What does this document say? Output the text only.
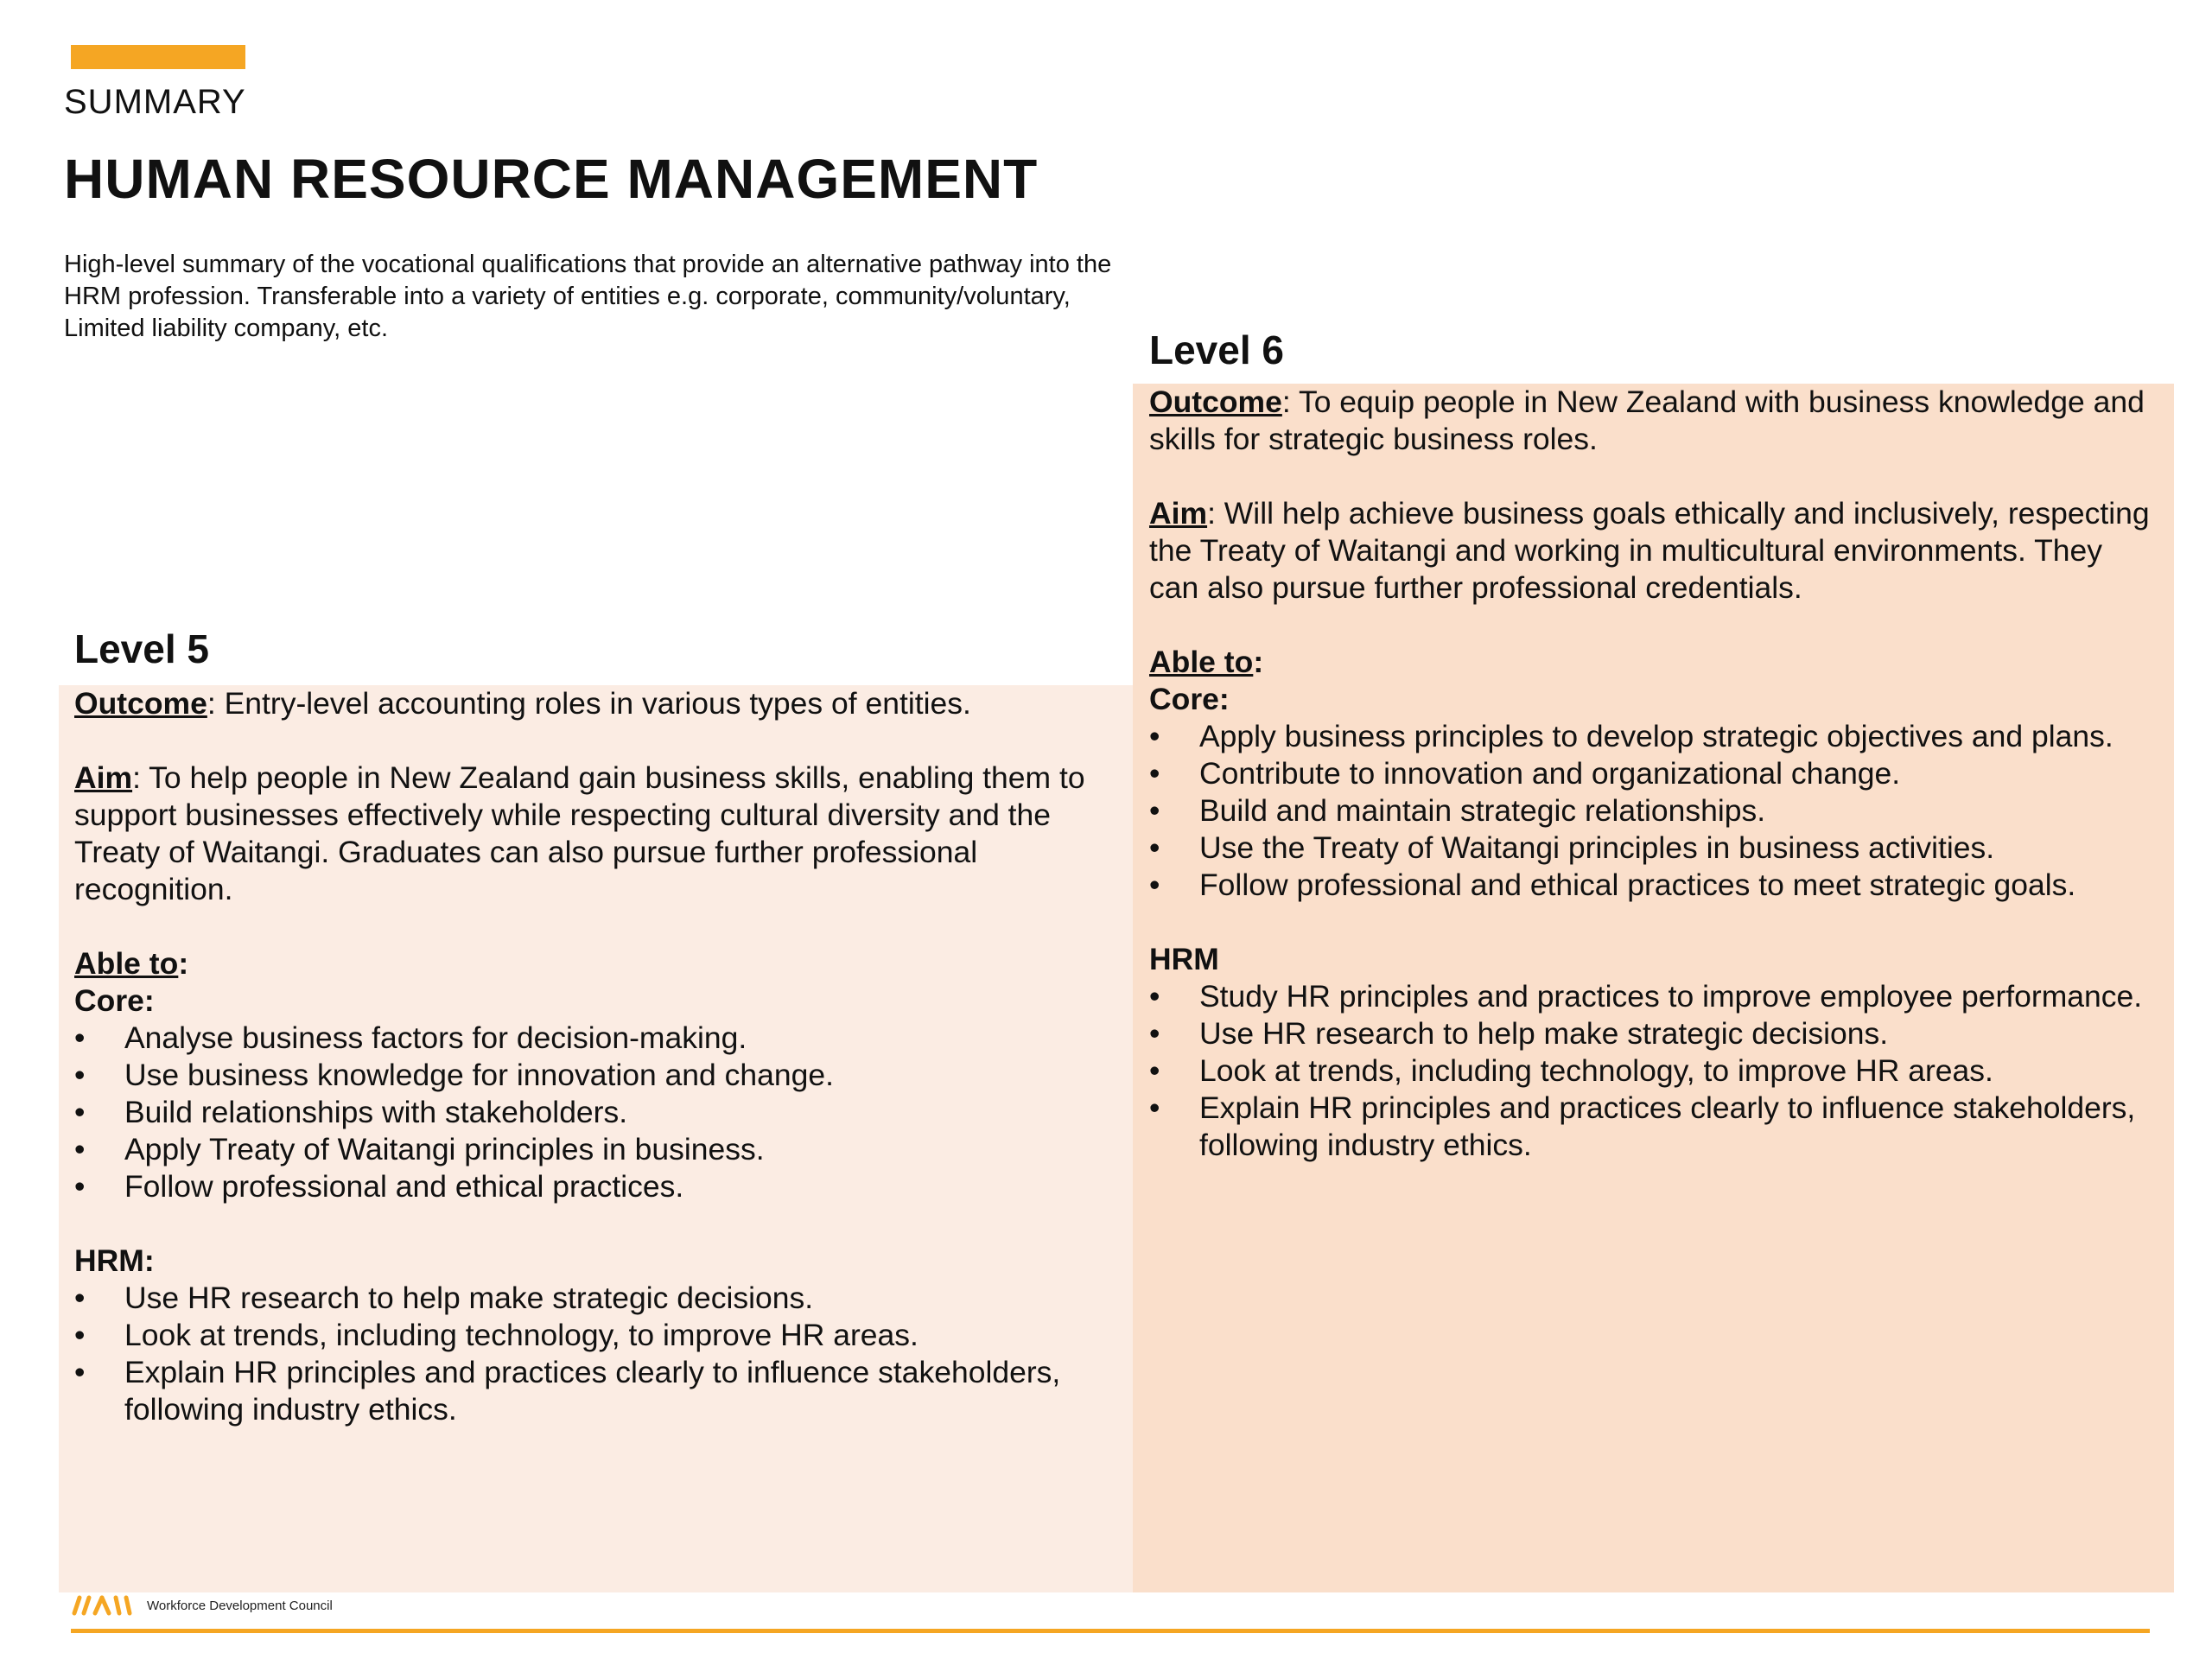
SUMMARY
HUMAN RESOURCE MANAGEMENT

High-level summary of the vocational qualifications that provide an alternative pathway into the HRM profession. Transferable into a variety of entities e.g. corporate, community/voluntary, Limited liability company, etc.

Level 5

Outcome: Entry-level accounting roles in various types of entities.

Aim: To help people in New Zealand gain business skills, enabling them to support businesses effectively while respecting cultural diversity and the Treaty of Waitangi. Graduates can also pursue further professional recognition.

Able to:

Core:

• Analyse business factors for decision-making.
• Use business knowledge for innovation and change.
• Build relationships with stakeholders.
• Apply Treaty of Waitangi principles in business.
• Follow professional and ethical practices.

HRM:

• Use HR research to help make strategic decisions.
• Look at trends, including technology, to improve HR areas.
• Explain HR principles and practices clearly to influence stakeholders, following industry ethics.
Level 6

Outcome: To equip people in New Zealand with business knowledge and skills for strategic business roles.

Aim: Will help achieve business goals ethically and inclusively, respecting the Treaty of Waitangi and working in multicultural environments. They can also pursue further professional credentials.

Able to:

Core:

• Apply business principles to develop strategic objectives and plans.
• Contribute to innovation and organizational change.
• Build and maintain strategic relationships.
• Use the Treaty of Waitangi principles in business activities.
• Follow professional and ethical practices to meet strategic goals.

HRM

• Study HR principles and practices to improve employee performance.
• Use HR research to help make strategic decisions.
• Look at trends, including technology, to improve HR areas.
• Explain HR principles and practices clearly to influence stakeholders, following industry ethics.
Workforce Development Council
